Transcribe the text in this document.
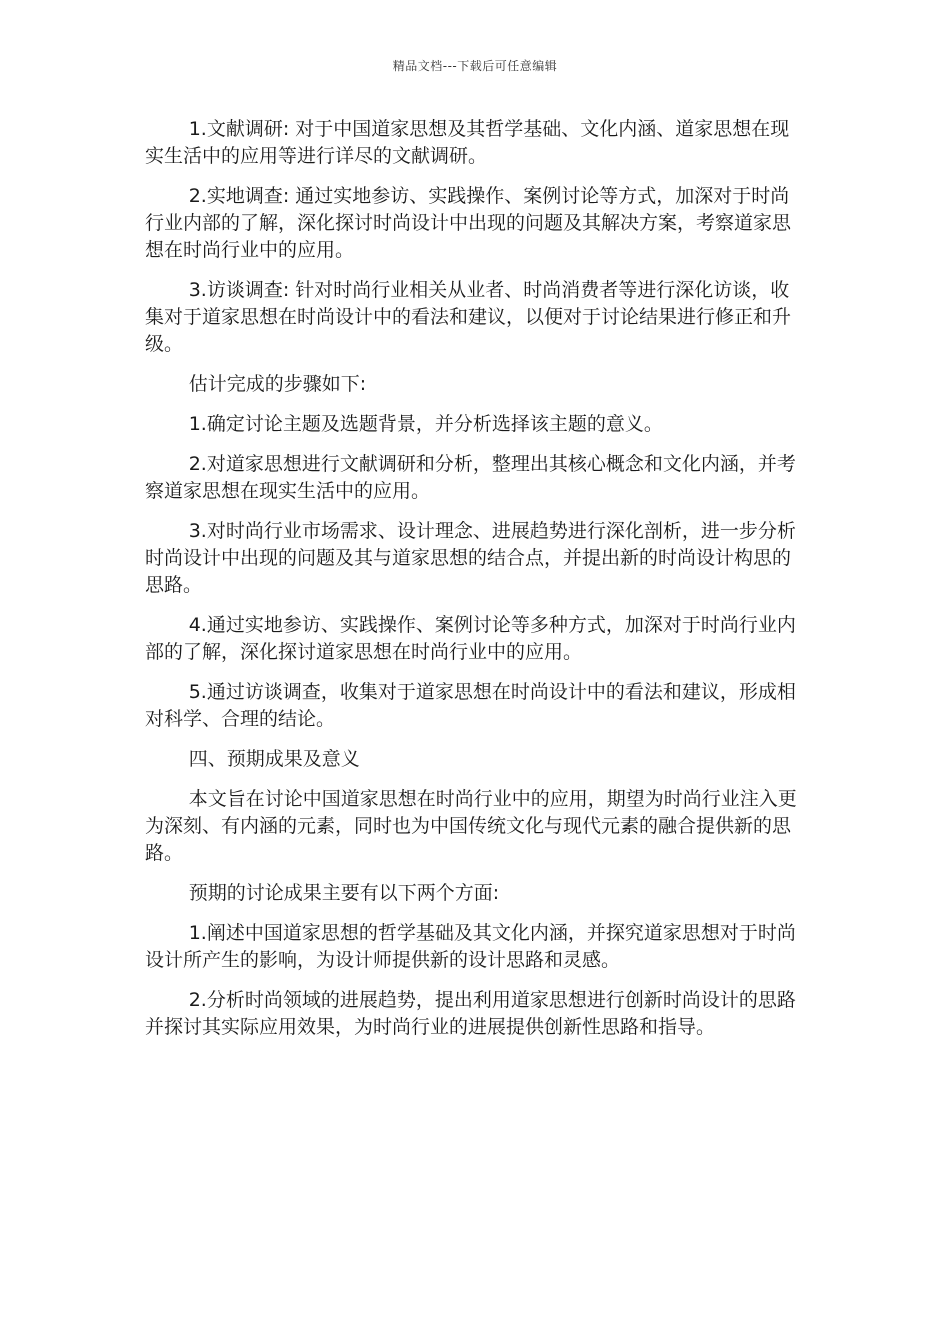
精品文档---下载后可任意编辑

1.文献调研: 对于中国道家思想及其哲学基础、文化内涵、道家思想在现实生活中的应用等进行详尽的文献调研。

2.实地调查: 通过实地参访、实践操作、案例讨论等方式，加深对于时尚行业内部的了解，深化探讨时尚设计中出现的问题及其解决方案，考察道家思想在时尚行业中的应用。

3.访谈调查: 针对时尚行业相关从业者、时尚消费者等进行深化访谈，收集对于道家思想在时尚设计中的看法和建议，以便对于讨论结果进行修正和升级。

估计完成的步骤如下:

1.确定讨论主题及选题背景，并分析选择该主题的意义。

2.对道家思想进行文献调研和分析，整理出其核心概念和文化内涵，并考察道家思想在现实生活中的应用。

3.对时尚行业市场需求、设计理念、进展趋势进行深化剖析，进一步分析时尚设计中出现的问题及其与道家思想的结合点，并提出新的时尚设计构思的思路。

4.通过实地参访、实践操作、案例讨论等多种方式，加深对于时尚行业内部的了解，深化探讨道家思想在时尚行业中的应用。

5.通过访谈调查，收集对于道家思想在时尚设计中的看法和建议，形成相对科学、合理的结论。

四、预期成果及意义

本文旨在讨论中国道家思想在时尚行业中的应用，期望为时尚行业注入更为深刻、有内涵的元素，同时也为中国传统文化与现代元素的融合提供新的思路。

预期的讨论成果主要有以下两个方面:

1.阐述中国道家思想的哲学基础及其文化内涵，并探究道家思想对于时尚设计所产生的影响，为设计师提供新的设计思路和灵感。

2.分析时尚领域的进展趋势，提出利用道家思想进行创新时尚设计的思路并探讨其实际应用效果，为时尚行业的进展提供创新性思路和指导。
